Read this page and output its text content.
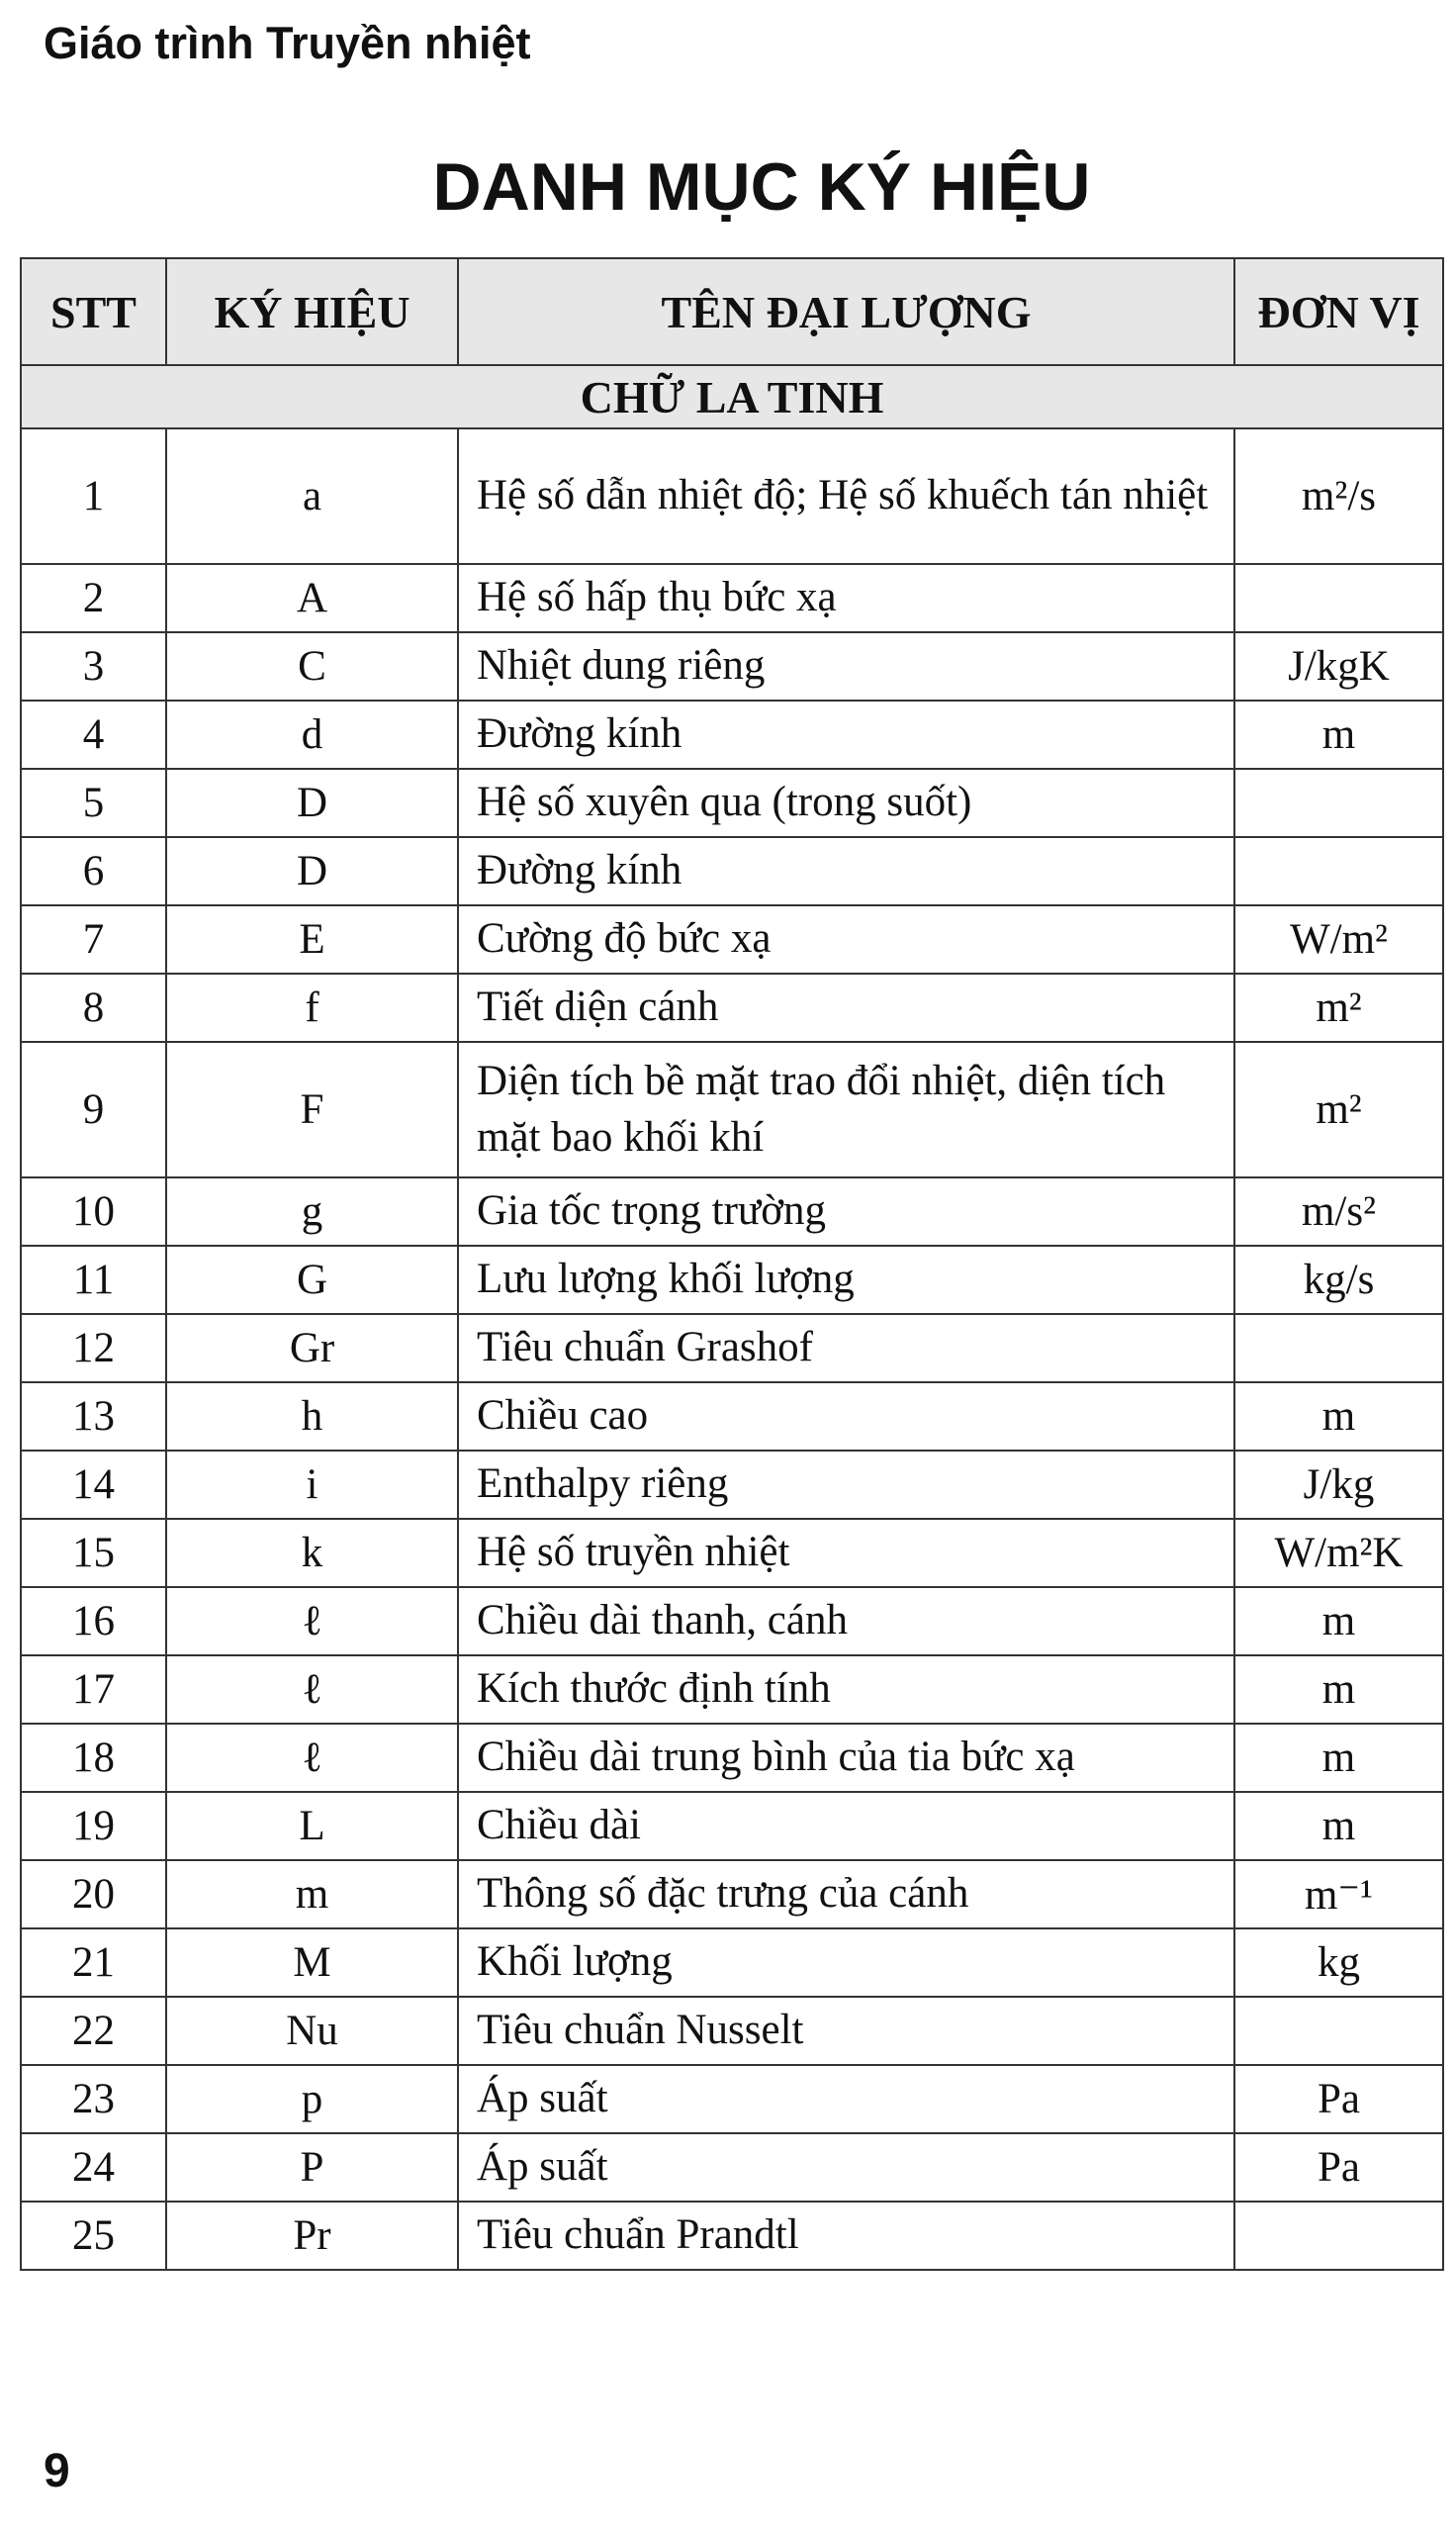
Giáo trình Truyền nhiệt
DANH MỤC KÝ HIỆU
STT	KÝ HIỆU	TÊN ĐẠI LƯỢNG	ĐƠN VỊ
CHỮ LA TINH			
1	a	Hệ số dẫn nhiệt độ; Hệ số khuếch tán nhiệt	m²/s
2	A	Hệ số hấp thụ bức xạ	
3	C	Nhiệt dung riêng	J/kgK
4	d	Đường kính	m
5	D	Hệ số xuyên qua (trong suốt)	
6	D	Đường kính	
7	E	Cường độ bức xạ	W/m²
8	f	Tiết diện cánh	m²
9	F	Diện tích bề mặt trao đổi nhiệt, diện tích mặt bao khối khí	m²
10	g	Gia tốc trọng trường	m/s²
11	G	Lưu lượng khối lượng	kg/s
12	Gr	Tiêu chuẩn Grashof	
13	h	Chiều cao	m
14	i	Enthalpy riêng	J/kg
15	k	Hệ số truyền nhiệt	W/m²K
16	ℓ	Chiều dài thanh, cánh	m
17	ℓ	Kích thước định tính	m
18	ℓ	Chiều dài trung bình của tia bức xạ	m
19	L	Chiều dài	m
20	m	Thông số đặc trưng của cánh	m⁻¹
21	M	Khối lượng	kg
22	Nu	Tiêu chuẩn Nusselt	
23	p	Áp suất	Pa
24	P	Áp suất	Pa
25	Pr	Tiêu chuẩn Prandtl	
9
